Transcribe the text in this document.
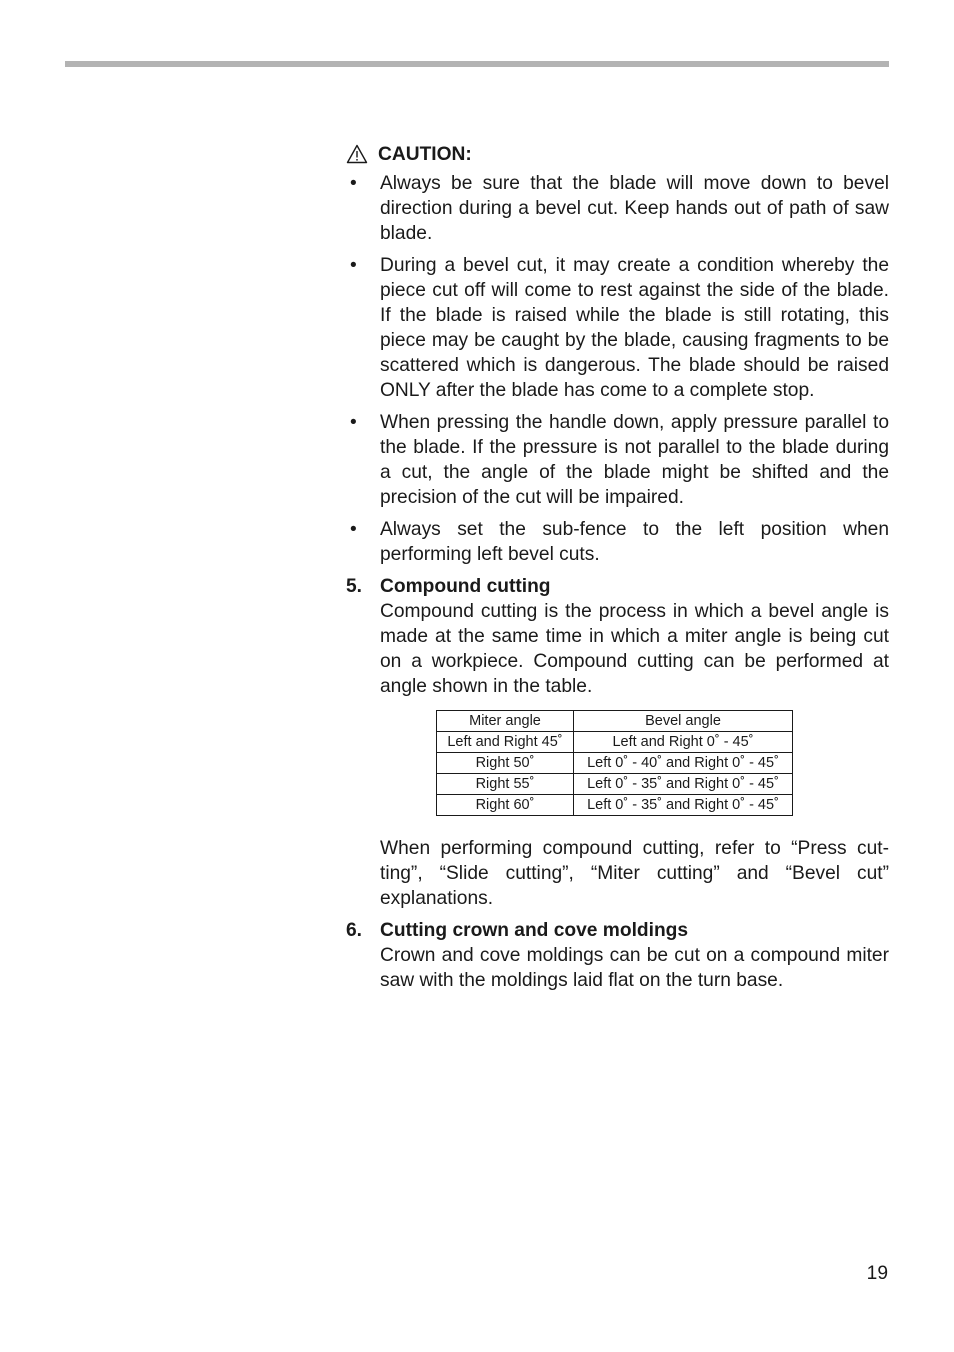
CAUTION:
•	Always be sure that the blade will move down to bevel direction during a bevel cut. Keep hands out of path of saw blade.
•	During a bevel cut, it may create a condition whereby the piece cut off will come to rest against the side of the blade. If the blade is raised while the blade is still rotating, this piece may be caught by the blade, causing fragments to be scattered which is dangerous. The blade should be raised ONLY after the blade has come to a complete stop.
•	When pressing the handle down, apply pressure parallel to the blade. If the pressure is not parallel to the blade during a cut, the angle of the blade might be shifted and the precision of the cut will be impaired.
•	Always set the sub-fence to the left position when performing left bevel cuts.
5. Compound cutting
Compound cutting is the process in which a bevel angle is made at the same time in which a miter angle is being cut on a workpiece. Compound cutting can be performed at angle shown in the table.
Miter angle	Bevel angle
Left and Right 45˚	Left and Right 0˚ - 45˚
Right 50˚	Left 0˚ - 40˚ and Right 0˚ - 45˚
Right 55˚	Left 0˚ - 35˚ and Right 0˚ - 45˚
Right 60˚	Left 0˚ - 35˚ and Right 0˚ - 45˚
When performing compound cutting, refer to “Press cut-ting”, “Slide cutting”, “Miter cutting” and “Bevel cut” explanations.
6. Cutting crown and cove moldings
Crown and cove moldings can be cut on a compound miter saw with the moldings laid flat on the turn base.
19
